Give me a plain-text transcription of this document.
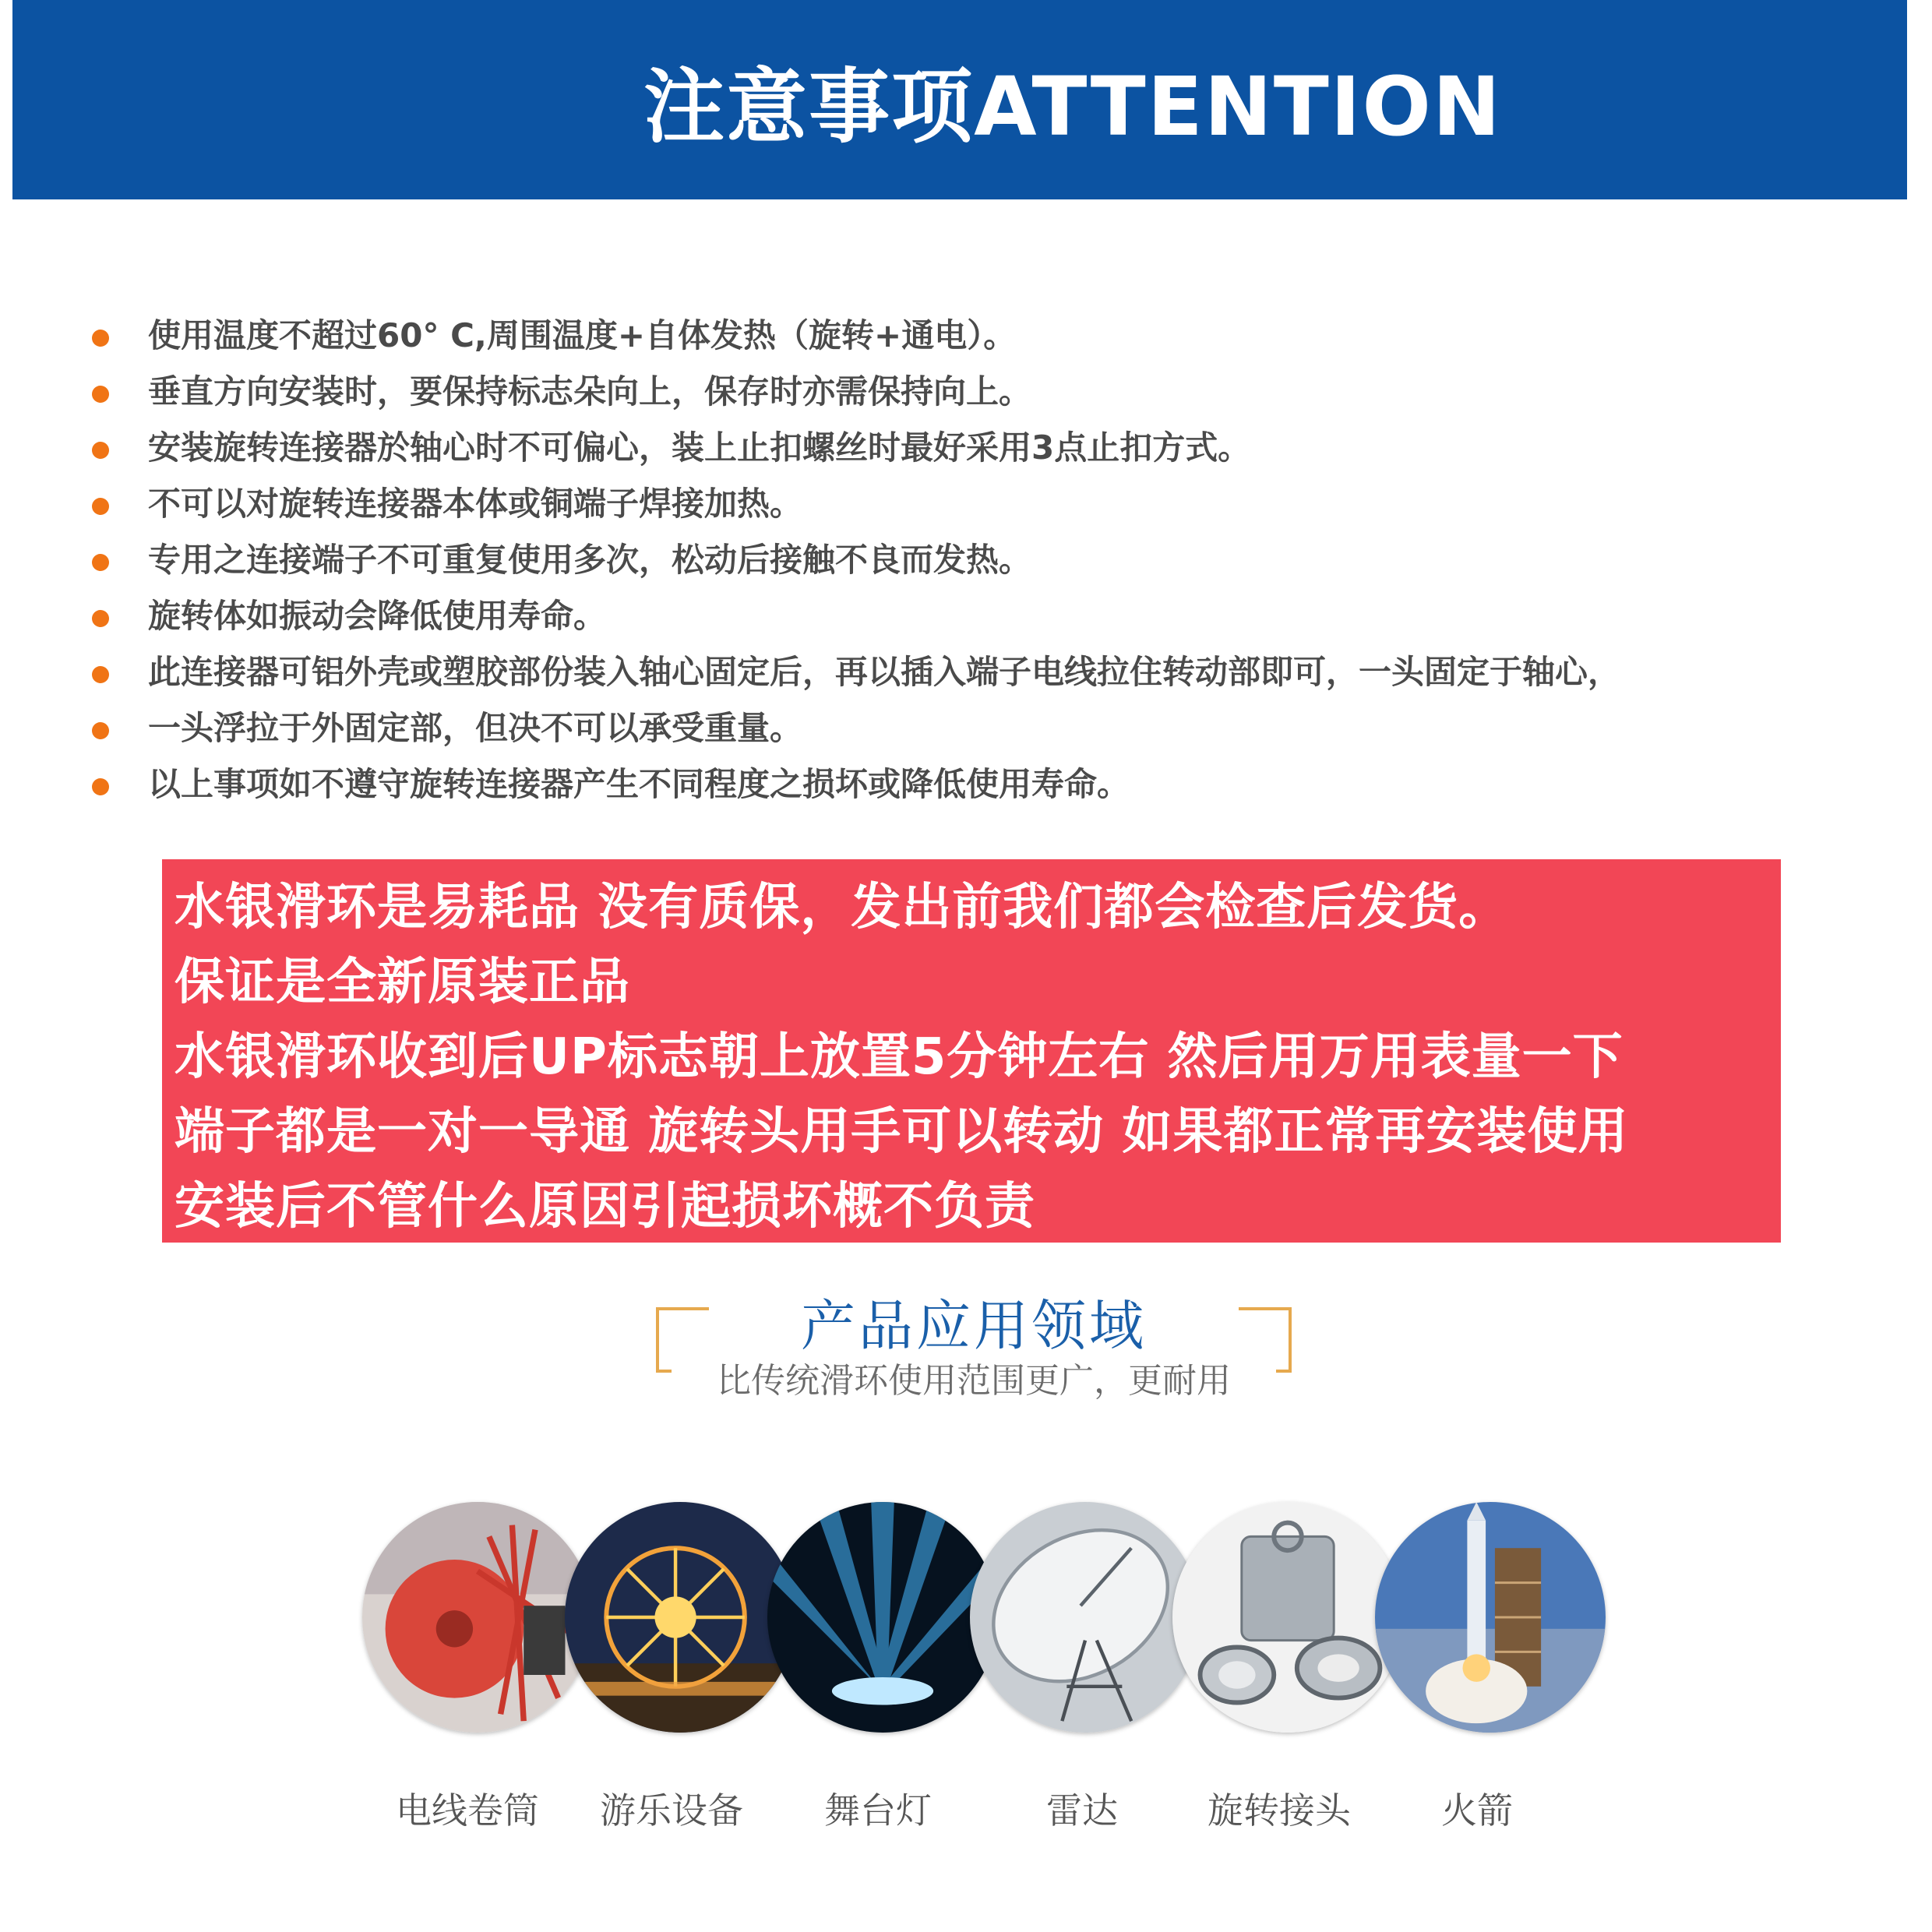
注意事项ATTENTION
使用温度不超过60° C,周围温度+自体发热（旋转+通电）。
垂直方向安装时，要保持标志朵向上，保存时亦需保持向上。
安装旋转连接器於轴心时不可偏心，装上止扣螺丝时最好采用3点止扣方式。
不可以对旋转连接器本体或铜端子焊接加热。
专用之连接端子不可重复使用多次，松动后接触不良而发热。
旋转体如振动会降低使用寿命。
此连接器可铝外壳或塑胶部份装入轴心固定后，再以插入端子电线拉住转动部即可，一头固定于轴心，
一头浮拉于外固定部，但决不可以承受重量。
以上事项如不遵守旋转连接器产生不同程度之损坏或降低使用寿命。
水银滑环是易耗品 没有质保，发出前我们都会检查后发货。
保证是全新原装正品
水银滑环收到后UP标志朝上放置5分钟左右 然后用万用表量一下
端子都是一对一导通 旋转头用手可以转动 如果都正常再安装使用
安装后不管什么原因引起损坏概不负责
产品应用领域
比传统滑环使用范围更广，更耐用
电线卷筒	游乐设备	舞台灯	雷达	旋转接头	火箭
